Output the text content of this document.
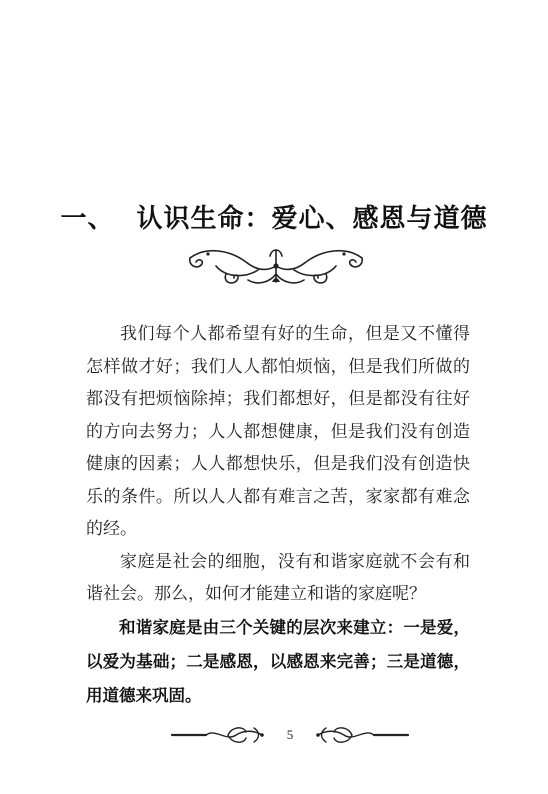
一、 认识生命：爱心、感恩与道德

我们每个人都希望有好的生命，但是又不懂得怎样做才好；我们人人都怕烦恼，但是我们所做的都没有把烦恼除掉；我们都想好，但是都没有往好的方向去努力；人人都想健康，但是我们没有创造健康的因素；人人都想快乐，但是我们没有创造快乐的条件。所以人人都有难言之苦，家家都有难念的经。

家庭是社会的细胞，没有和谐家庭就不会有和谐社会。那么，如何才能建立和谐的家庭呢？

和谐家庭是由三个关键的层次来建立：一是爱，以爱为基础；二是感恩，以感恩来完善；三是道德，用道德来巩固。

5
